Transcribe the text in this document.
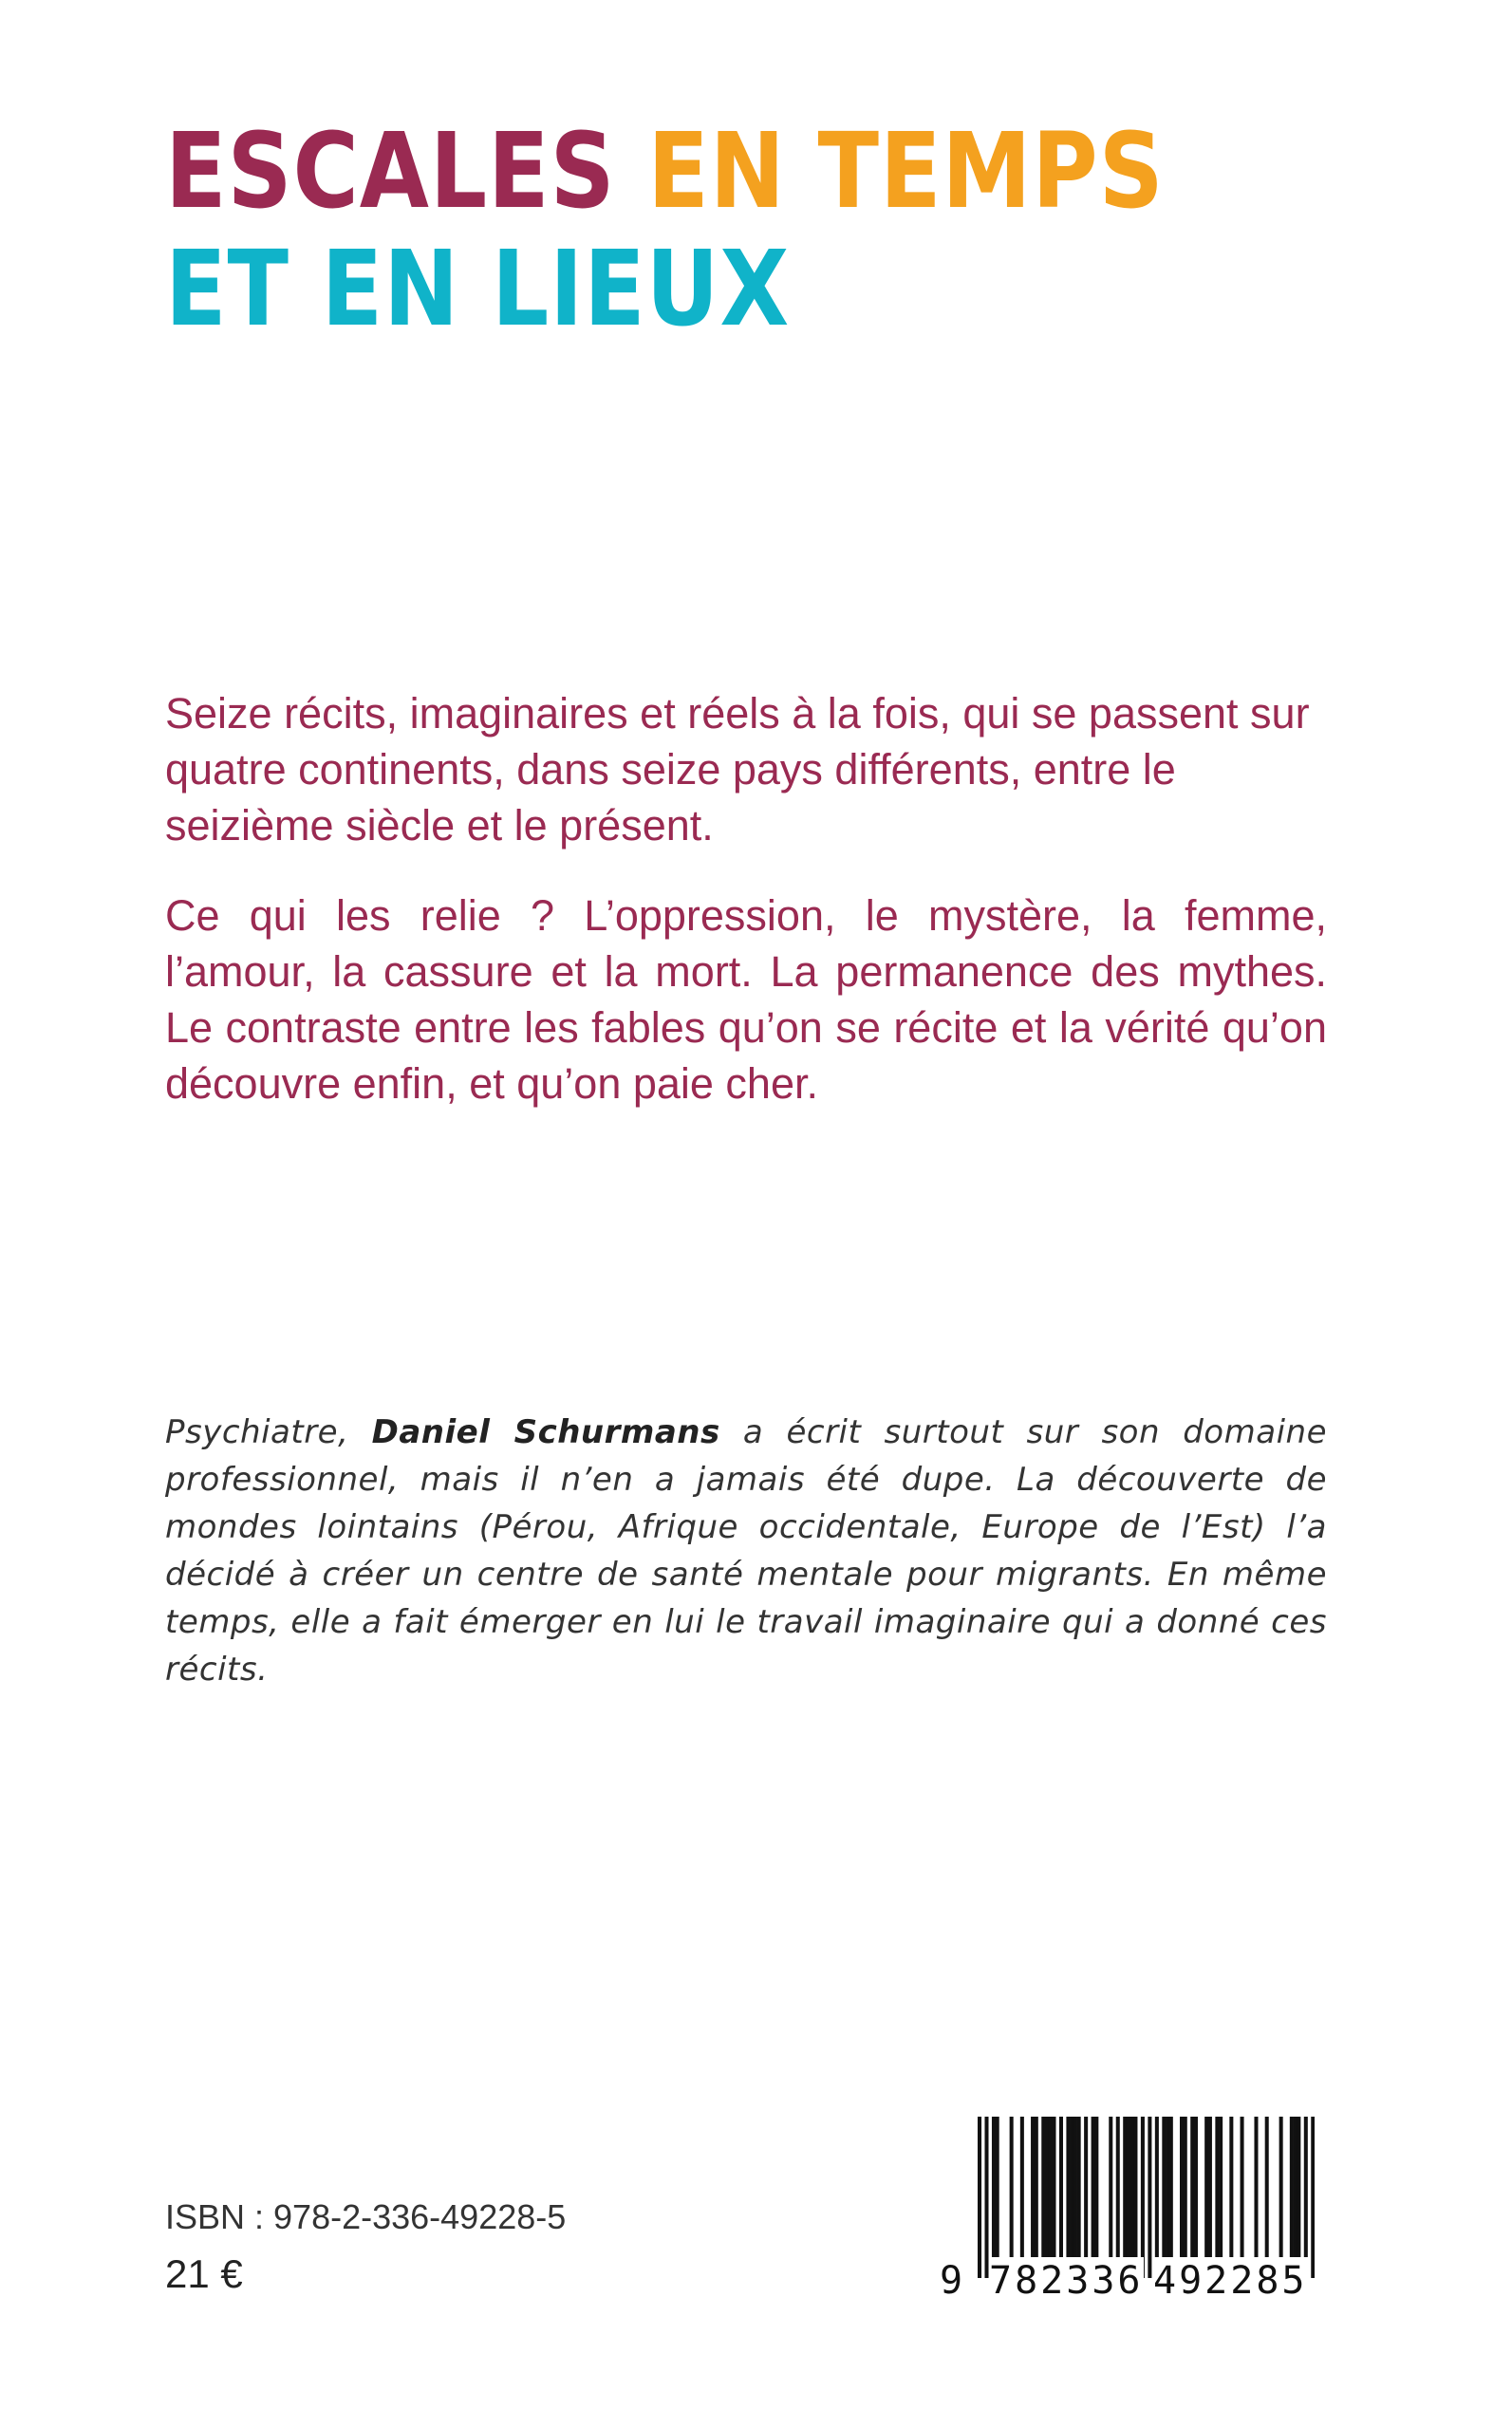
ESCALES EN TEMPS
ET EN LIEUX

Seize récits, imaginaires et réels à la fois, qui se passent sur quatre continents, dans seize pays différents, entre le seizième siècle et le présent.

Ce qui les relie ? L’oppression, le mystère, la femme, l’amour, la cassure et la mort. La permanence des mythes. Le contraste entre les fables qu’on se récite et la vérité qu’on découvre enfin, et qu’on paie cher.

Psychiatre, Daniel Schurmans a écrit surtout sur son domaine professionnel, mais il n’en a jamais été dupe. La découverte de mondes lointains (Pérou, Afrique occidentale, Europe de l’Est) l’a décidé à créer un centre de santé mentale pour migrants. En même temps, elle a fait émerger en lui le travail imaginaire qui a donné ces récits.

ISBN : 978-2-336-49228-5
21 €	9 782336 492285
